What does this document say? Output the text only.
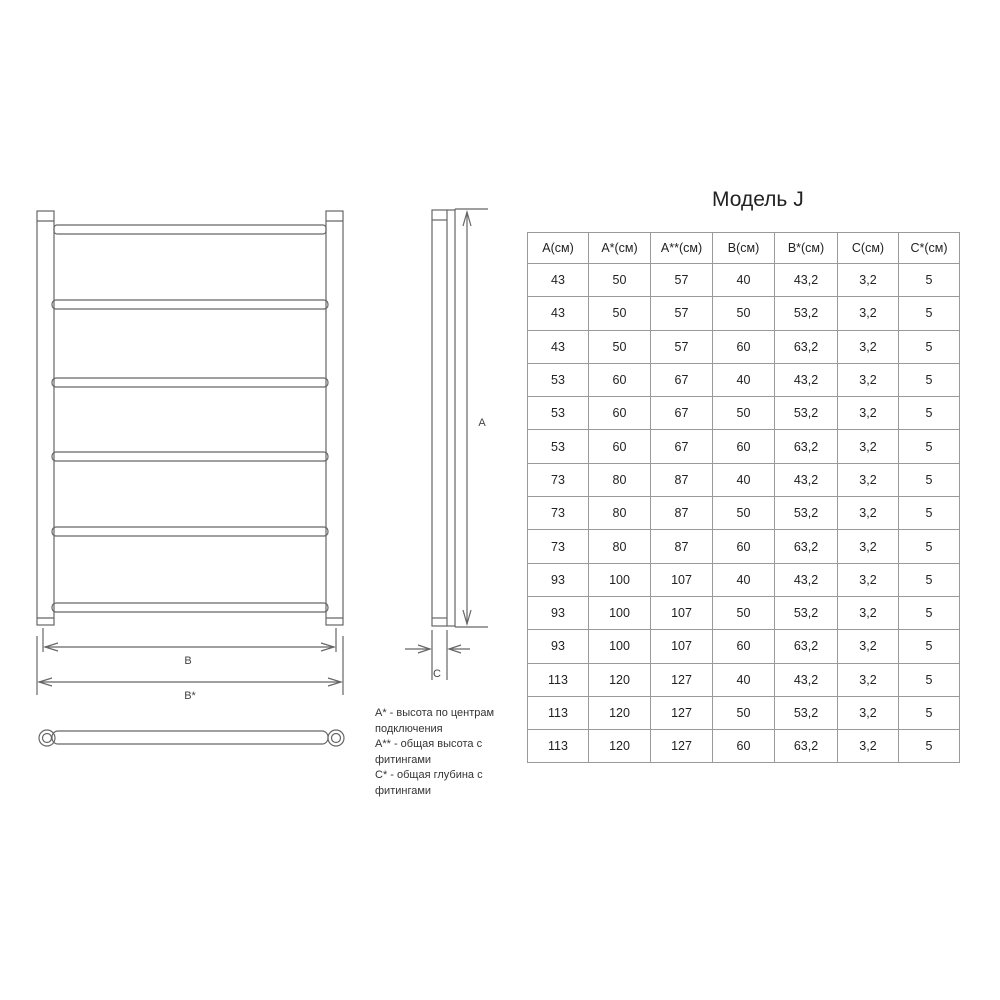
B
B*
A
C
Модель J
A(см)	A*(см)	A**(см)	B(см)	B*(см)	C(см)	C*(см)
43	50	57	40	43,2	3,2	5
43	50	57	50	53,2	3,2	5
43	50	57	60	63,2	3,2	5
53	60	67	40	43,2	3,2	5
53	60	67	50	53,2	3,2	5
53	60	67	60	63,2	3,2	5
73	80	87	40	43,2	3,2	5
73	80	87	50	53,2	3,2	5
73	80	87	60	63,2	3,2	5
93	100	107	40	43,2	3,2	5
93	100	107	50	53,2	3,2	5
93	100	107	60	63,2	3,2	5
113	120	127	40	43,2	3,2	5
113	120	127	50	53,2	3,2	5
113	120	127	60	63,2	3,2	5
A* - высота по центрам
подключения
A** - общая высота с
фитингами
C* - общая глубина с
фитингами
